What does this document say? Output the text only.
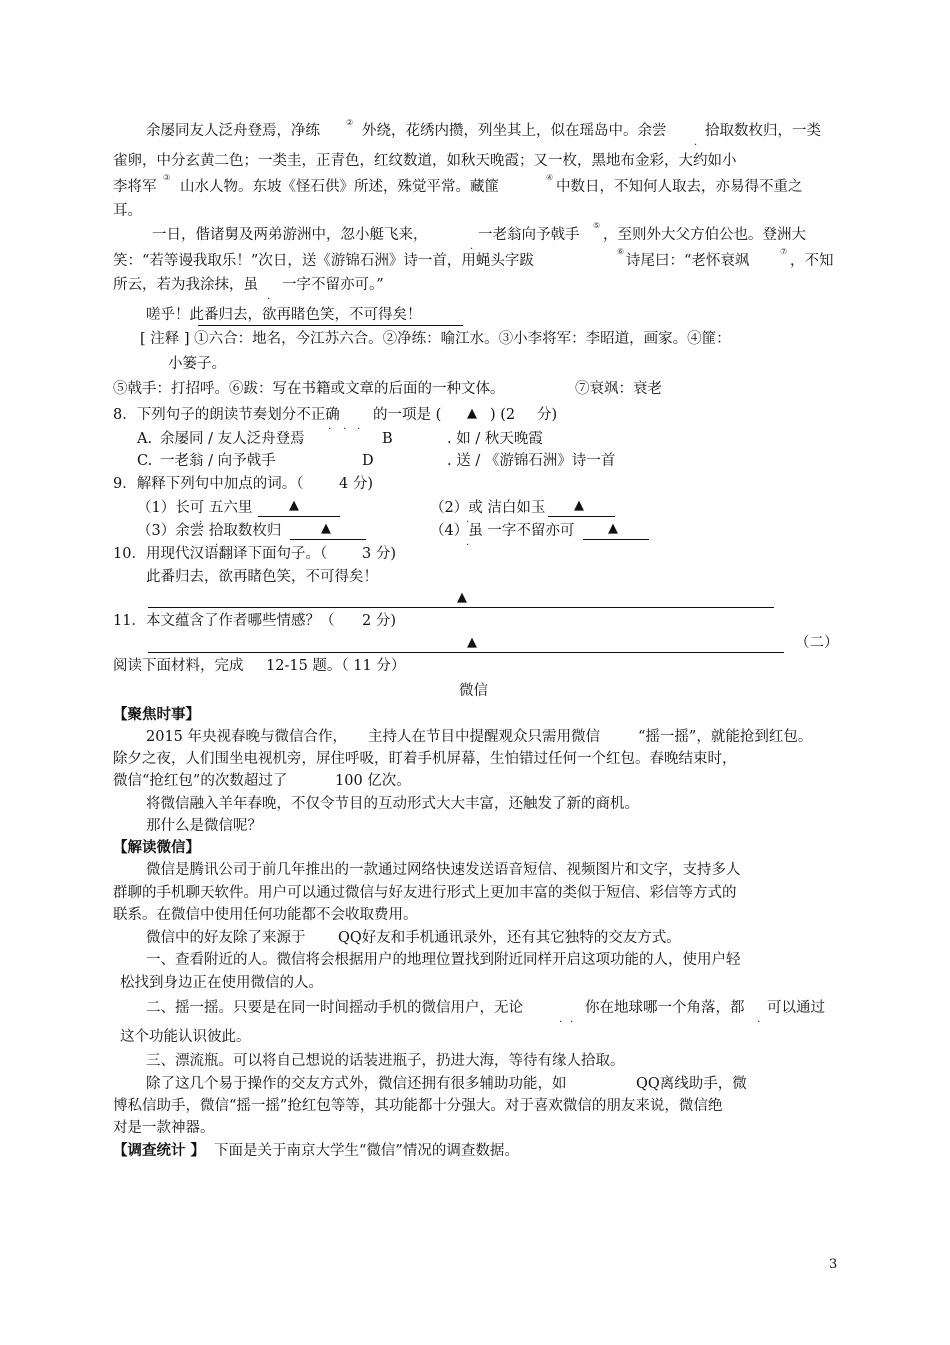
余屡同友人泛舟登焉，净练
②
外绕，花绣内攒，列坐其上，似在瑶岛中。余尝
.
拾取数枚归，一类
雀卵，中分玄黄二色；一类圭，正青色，红纹数道，如秋天晚霞；又一枚，黑地布金彩，大约如小
李将军
③
山水人物。东坡《怪石供》所述，殊觉平常。藏篚
④
中数日，不知何人取去，亦易得不重之
耳。
一日，偕诸舅及两弟游洲中，忽小艇飞来，
.
一老翁向予戟手
⑤
，至则外大父方伯公也。登洲大
笑：“若等谩我取乐！”次日，送《游锦石洲》诗一首，用蝇头字跋
⑥
诗尾曰：“老怀衰飒
⑦
，不知
所云，若为我涂抹，虽
.
一字不留亦可。”
嗟乎！此番归去，欲再睹色笑，不可得矣！
[ 注释 ] ①六合：地名，今江苏六合。②净练：喻江水。③小李将军：李昭道，画家。④篚：
小篓子。
⑤戟手：打招呼。⑥跋：写在书籍或文章的后面的一种文体。	⑦衰飒：衰老
8．下列句子的朗读节奏划分不正确
. . .
的一项是 ( ▲ ) (2 分)
A. 余屡同 / 友人泛舟登焉	B	. 如 / 秋天晚霞
C. 一老翁 / 向予戟手	D	. 送 / 《游锦石洲》诗一首
9．解释下列句中加点的词。（ 4 分)
（1）长可 五六里
.
▲	（2）或 洁白如玉
.
▲
（3）余尝 拾取数枚归
.
▲	（4）虽 一字不留亦可
.
▲
10．用现代汉语翻译下面句子。（ 3 分)
此番归去，欲再睹色笑，不可得矣！
▲
11．本文蕴含了作者哪些情感？（ 2 分)
▲	（二）
阅读下面材料，完成 12-15 题。（ 11 分）
微信
【聚焦时事】
2015 年央视春晚与微信合作， 主持人在节目中提醒观众只需用微信	“摇一摇”，就能抢到红包。
除夕之夜，人们围坐电视机旁，屏住呼吸，盯着手机屏幕，生怕错过任何一个红包。春晚结束时，
微信“抢红包”的次数超过了	100 亿次。
将微信融入羊年春晚，不仅令节目的互动形式大大丰富，还触发了新的商机。
那什么是微信呢？
【解读微信】
微信是腾讯公司于前几年推出的一款通过网络快速发送语音短信、视频图片和文字，支持多人
群聊的手机聊天软件。用户可以通过微信与好友进行形式上更加丰富的类似于短信、彩信等方式的
联系。在微信中使用任何功能都不会收取费用。
微信中的好友除了来源于 QQ好友和手机通讯录外，还有其它独特的交友方式。
一、查看附近的人。微信将会根据用户的地理位置找到附近同样开启这项功能的人，使用户轻
松找到身边正在使用微信的人。
二、摇一摇。只要是在同一时间摇动手机的微信用户，无论
. .
你在地球哪一个角落，都
.
可以通过
这个功能认识彼此。
三、漂流瓶。可以将自己想说的话装进瓶子，扔进大海，等待有缘人拾取。
除了这几个易于操作的交友方式外，微信还拥有很多辅助功能，如	QQ离线助手，微
博私信助手，微信“摇一摇”抢红包等等，其功能都十分强大。对于喜欢微信的朋友来说，微信绝
对是一款神器。
【调查统计 】 下面是关于南京大学生“微信”情况的调查数据。
3
